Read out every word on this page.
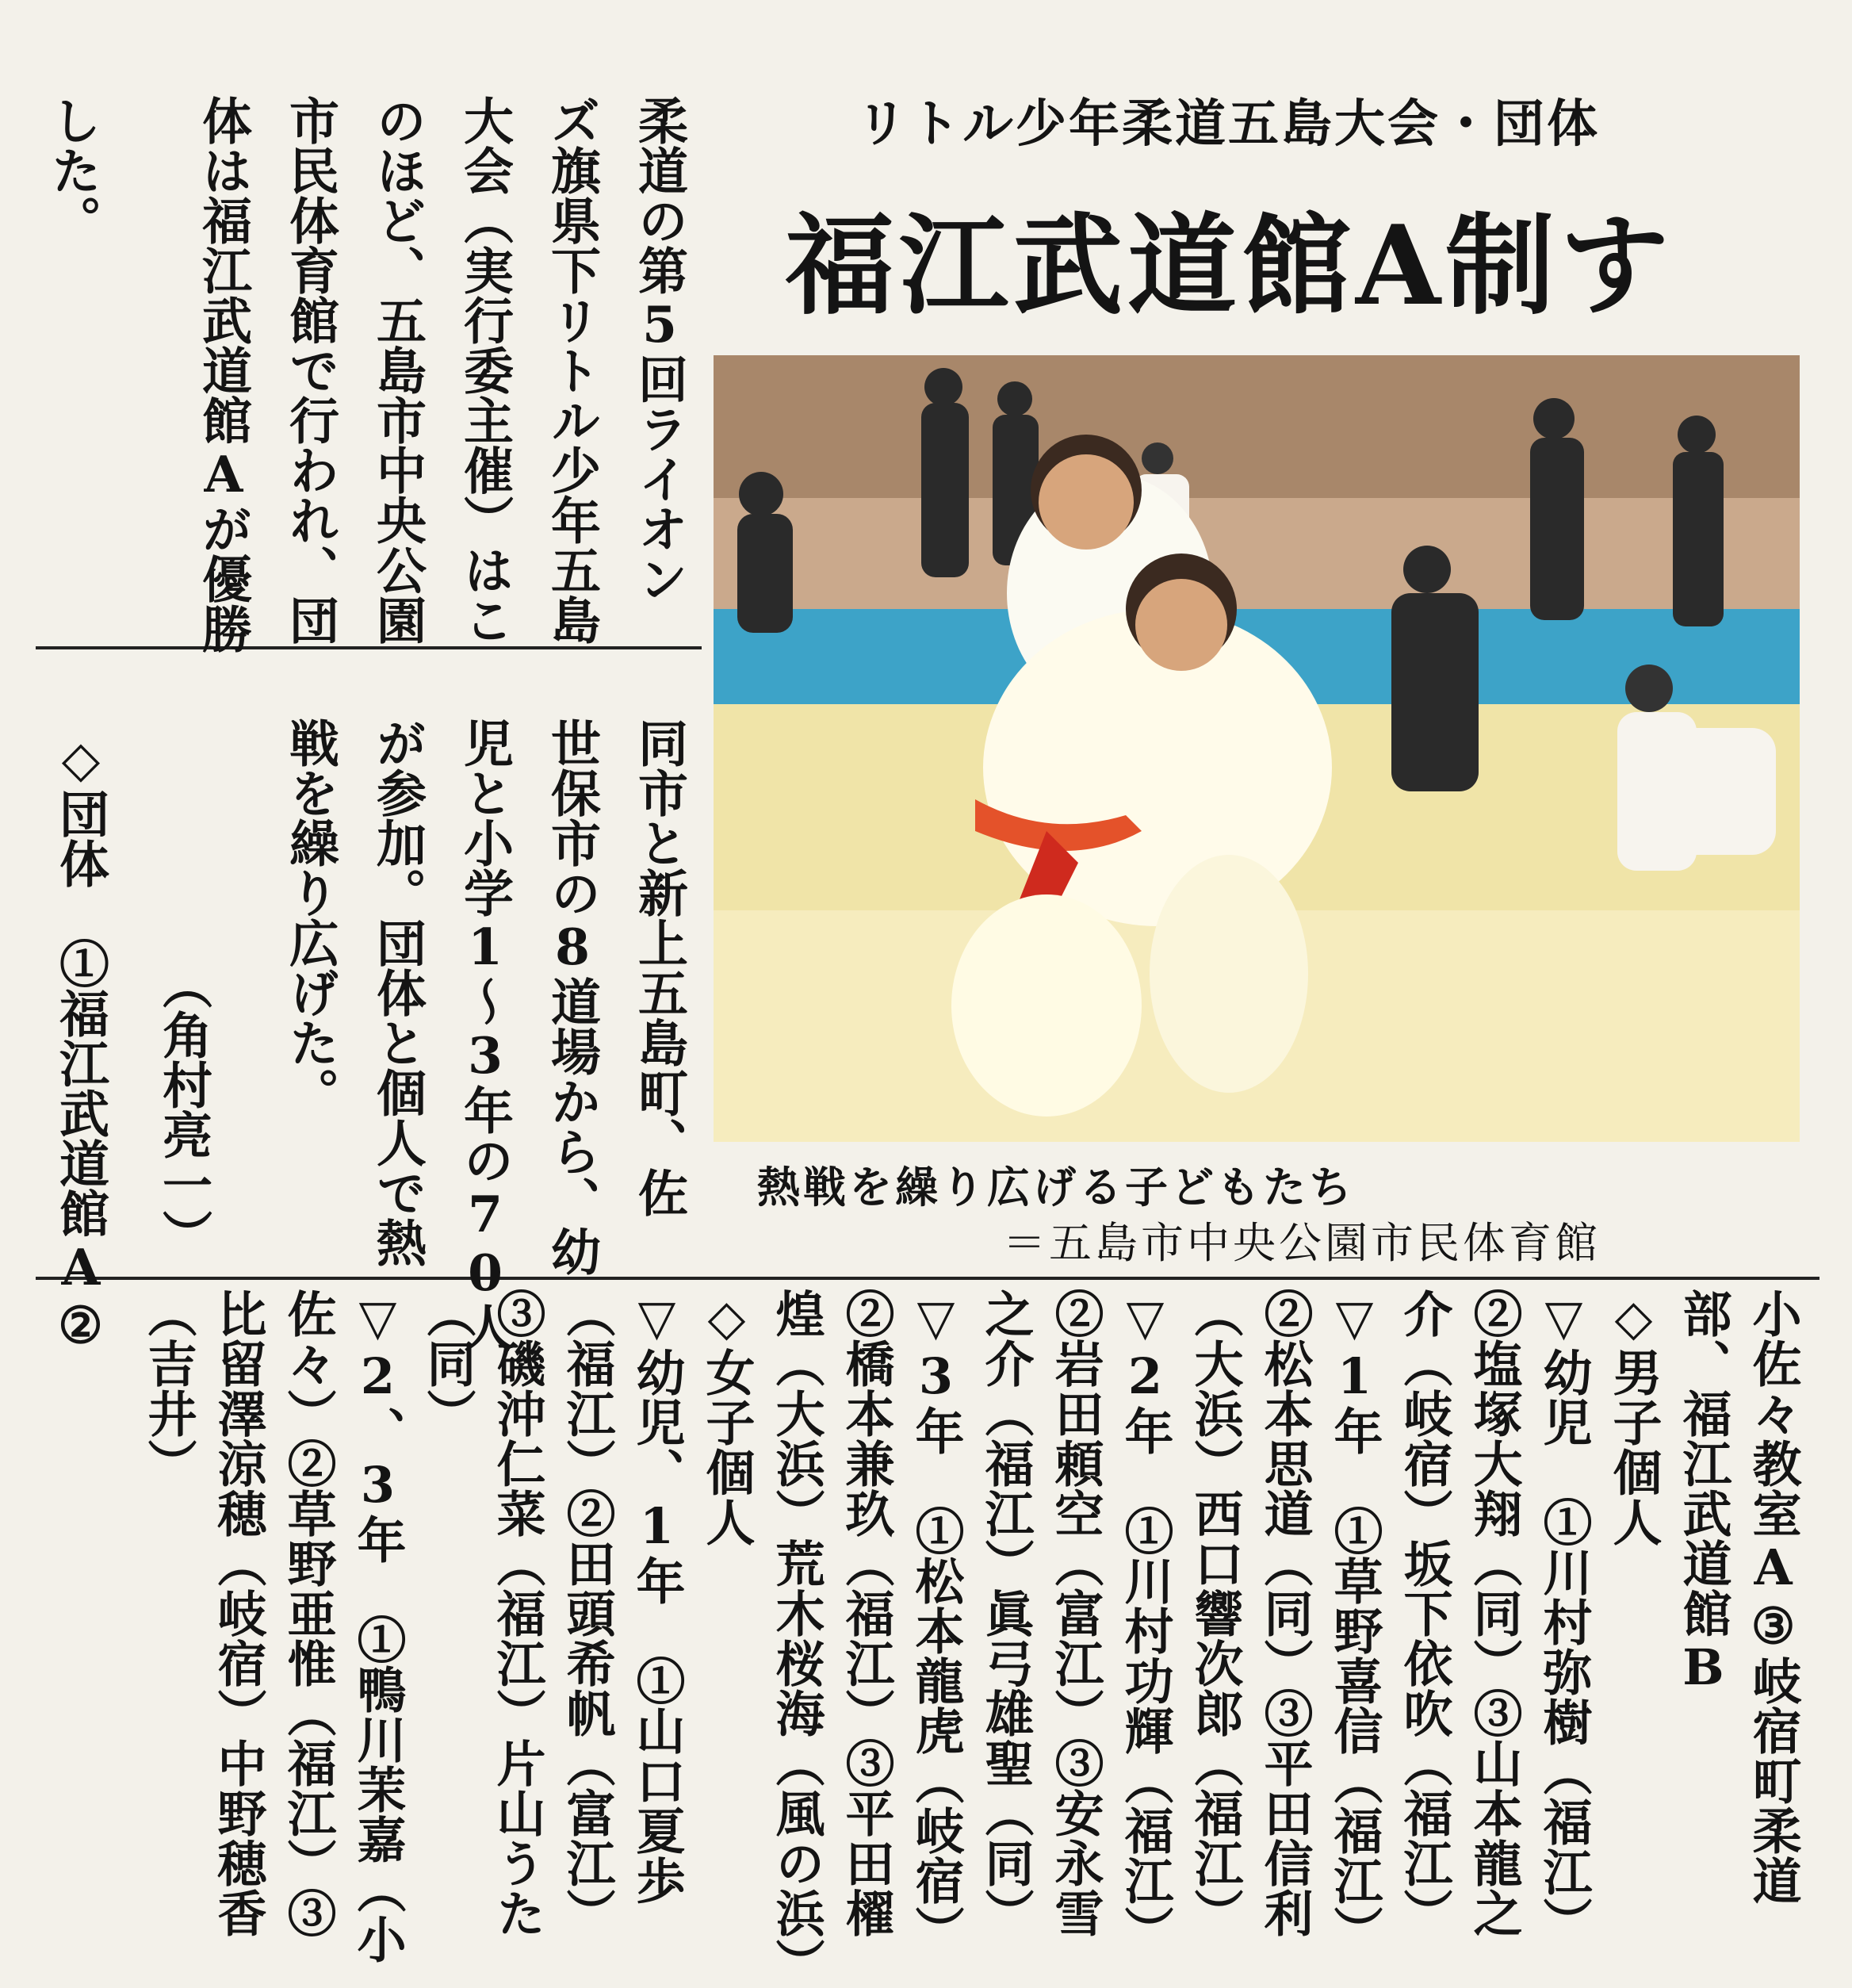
リトル少年柔道五島大会・団体
福江武道館A制す
熱戦を繰り広げる子どもたち
＝五島市中央公園市民体育館
柔道の第5回ライオン
ズ旗県下リトル少年五島
大会（実行委主催）はこ
のほど、五島市中央公園
市民体育館で行われ、団
体は福江武道館Aが優勝
した。
同市と新上五島町、佐
世保市の8道場から、幼
児と小学1～3年の70人
が参加。団体と個人で熱
戦を繰り広げた。
（角村亮一）
◇団体　①福江武道館A②
小佐々教室A③岐宿町柔道
部、福江武道館B
◇男子個人
▽幼児　①川村弥樹（福江）
②塩塚大翔（同）③山本龍之
介（岐宿）坂下依吹（福江）
▽1年　①草野喜信（福江）
②松本思道（同）③平田信利
（大浜）西口響次郎（福江）
▽2年　①川村功輝（福江）
②岩田頼空（富江）③安永雪
之介（福江）眞弓雄聖（同）
▽3年　①松本龍虎（岐宿）
②橋本兼玖（福江）③平田櫂
煌（大浜）荒木桜海（風の浜）
◇女子個人
▽幼児、1年　①山口夏歩
（福江）②田頭希帆（富江）
③磯沖仁菜（福江）片山うた
（同）
▽2、3年　①鴨川茉嘉（小
佐々）②草野亜惟（福江）③
比留澤涼穂（岐宿）中野穂香
（吉井）
